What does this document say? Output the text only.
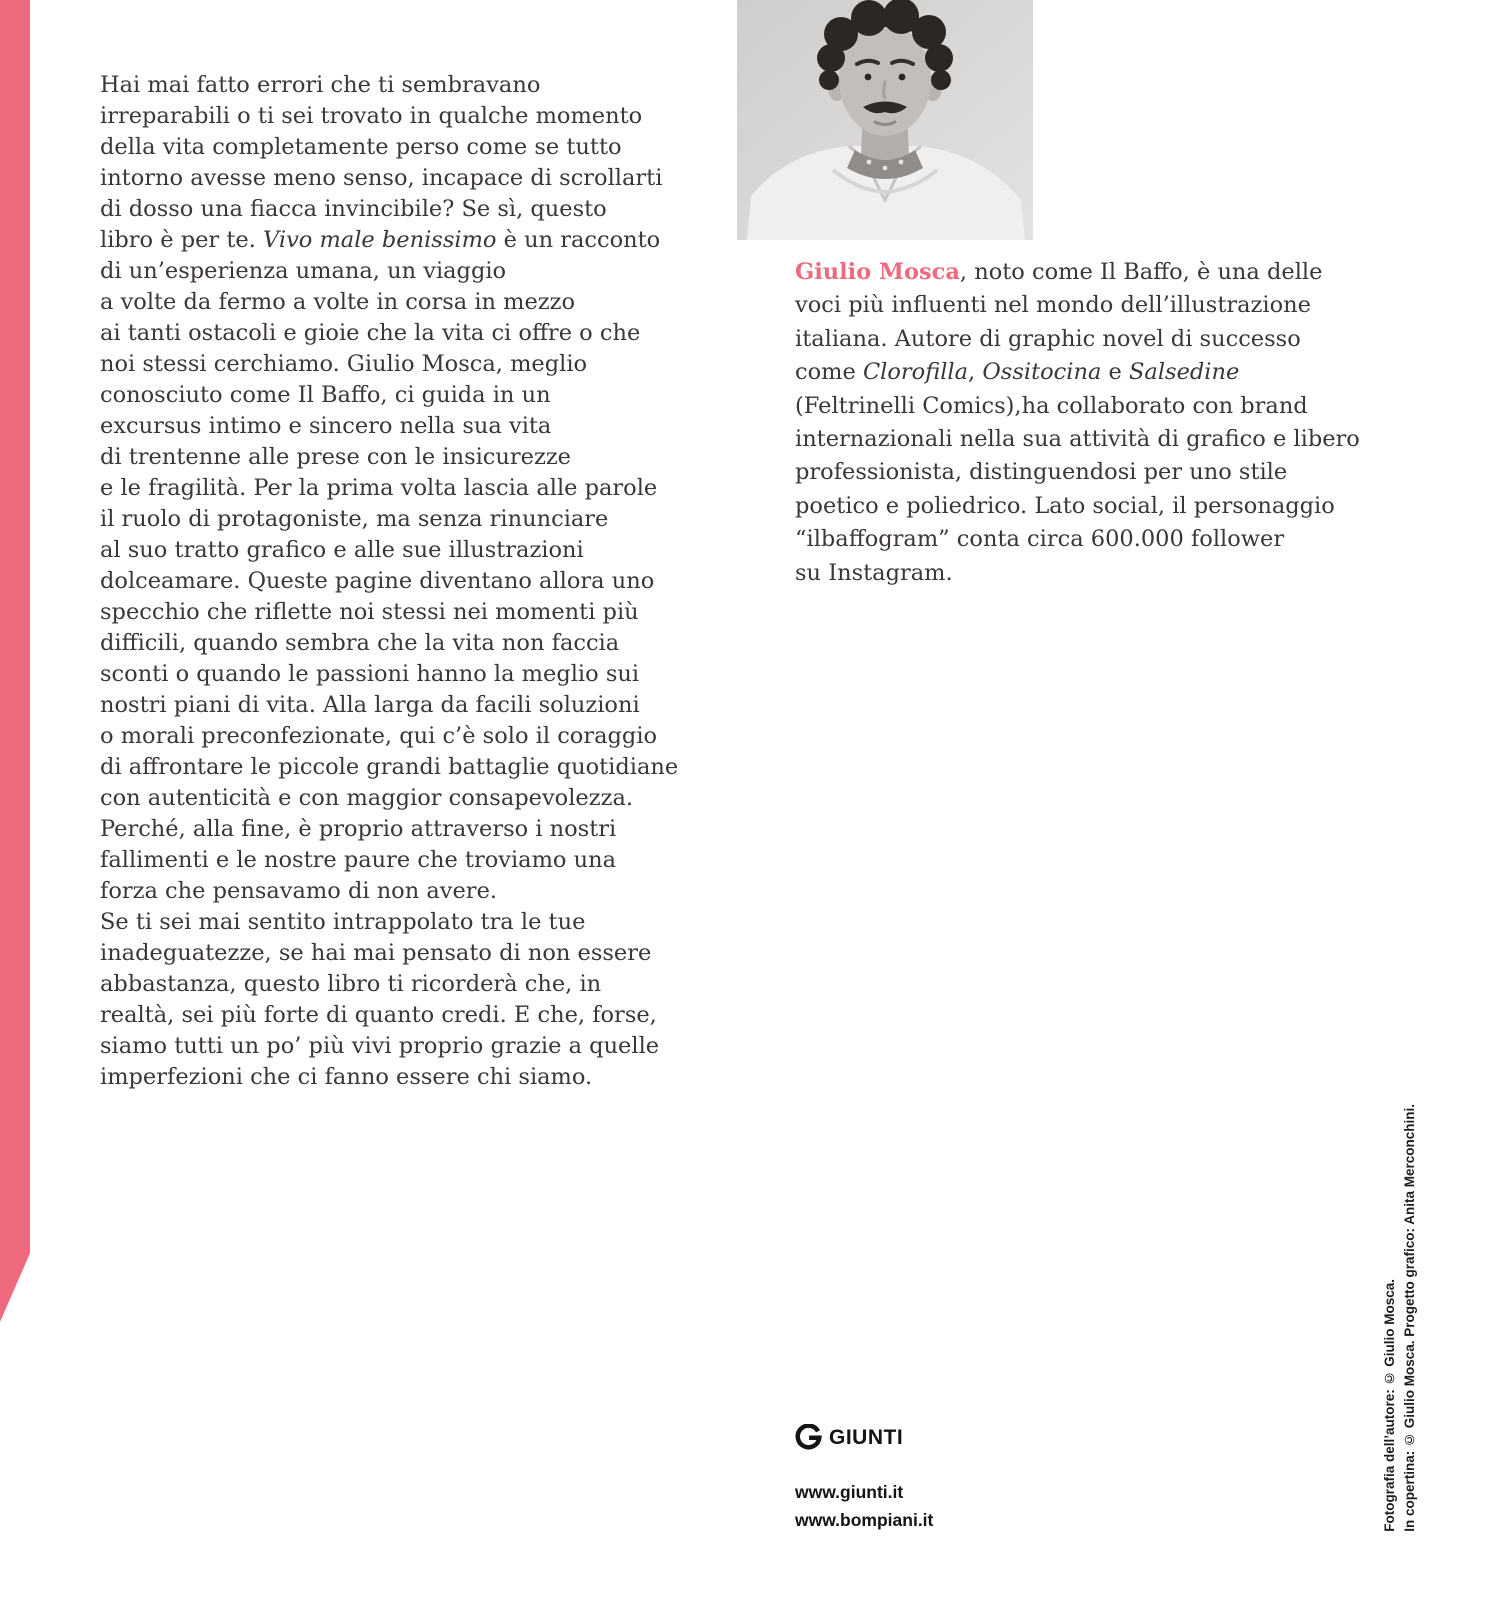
Hai mai fatto errori che ti sembravano
irreparabili o ti sei trovato in qualche momento
della vita completamente perso come se tutto
intorno avesse meno senso, incapace di scrollarti
di dosso una fiacca invincibile? Se sì, questo
libro è per te. Vivo male benissimo è un racconto
di un’esperienza umana, un viaggio
a volte da fermo a volte in corsa in mezzo
ai tanti ostacoli e gioie che la vita ci offre o che
noi stessi cerchiamo. Giulio Mosca, meglio
conosciuto come Il Baffo, ci guida in un
excursus intimo e sincero nella sua vita
di trentenne alle prese con le insicurezze
e le fragilità. Per la prima volta lascia alle parole
il ruolo di protagoniste, ma senza rinunciare
al suo tratto grafico e alle sue illustrazioni
dolceamare. Queste pagine diventano allora uno
specchio che riflette noi stessi nei momenti più
difficili, quando sembra che la vita non faccia
sconti o quando le passioni hanno la meglio sui
nostri piani di vita. Alla larga da facili soluzioni
o morali preconfezionate, qui c’è solo il coraggio
di affrontare le piccole grandi battaglie quotidiane
con autenticità e con maggior consapevolezza.
Perché, alla fine, è proprio attraverso i nostri
fallimenti e le nostre paure che troviamo una
forza che pensavamo di non avere.
Se ti sei mai sentito intrappolato tra le tue
inadeguatezze, se hai mai pensato di non essere
abbastanza, questo libro ti ricorderà che, in
realtà, sei più forte di quanto credi. E che, forse,
siamo tutti un po’ più vivi proprio grazie a quelle
imperfezioni che ci fanno essere chi siamo.
Giulio Mosca, noto come Il Baffo, è una delle
voci più influenti nel mondo dell’illustrazione
italiana. Autore di graphic novel di successo
come Clorofilla, Ossitocina e Salsedine
(Feltrinelli Comics),ha collaborato con brand
internazionali nella sua attività di grafico e libero
professionista, distinguendosi per uno stile
poetico e poliedrico. Lato social, il personaggio
“ilbaffogram” conta circa 600.000 follower
su Instagram.
GIUNTI
www.giunti.it
www.bompiani.it	Fotografia dell’autore: © Giulio Mosca. In copertina: © Giulio Mosca. Progetto grafico: Anita Merconchini.
